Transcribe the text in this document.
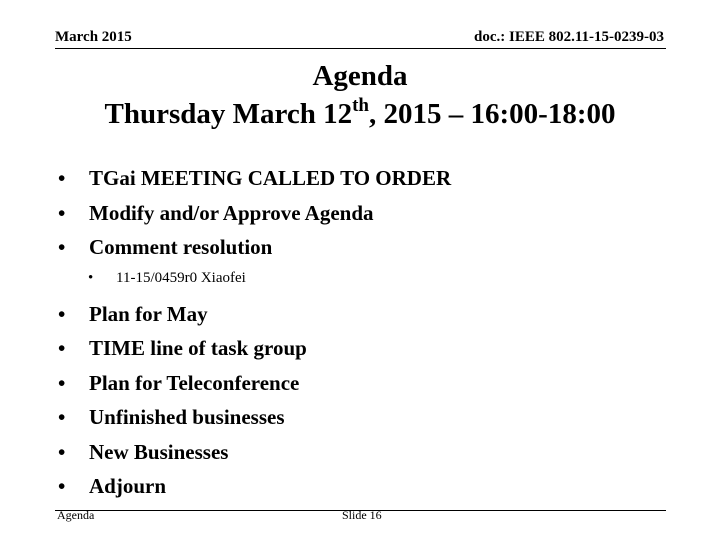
March 2015	doc.: IEEE 802.11-15-0239-03
Agenda
Thursday March 12th, 2015 – 16:00-18:00
• TGai MEETING CALLED TO ORDER
• Modify and/or Approve Agenda
• Comment resolution
• 11-15/0459r0 Xiaofei
• Plan for May
• TIME line of task group
• Plan for Teleconference
• Unfinished businesses
• New Businesses
• Adjourn
Agenda	Slide 16
